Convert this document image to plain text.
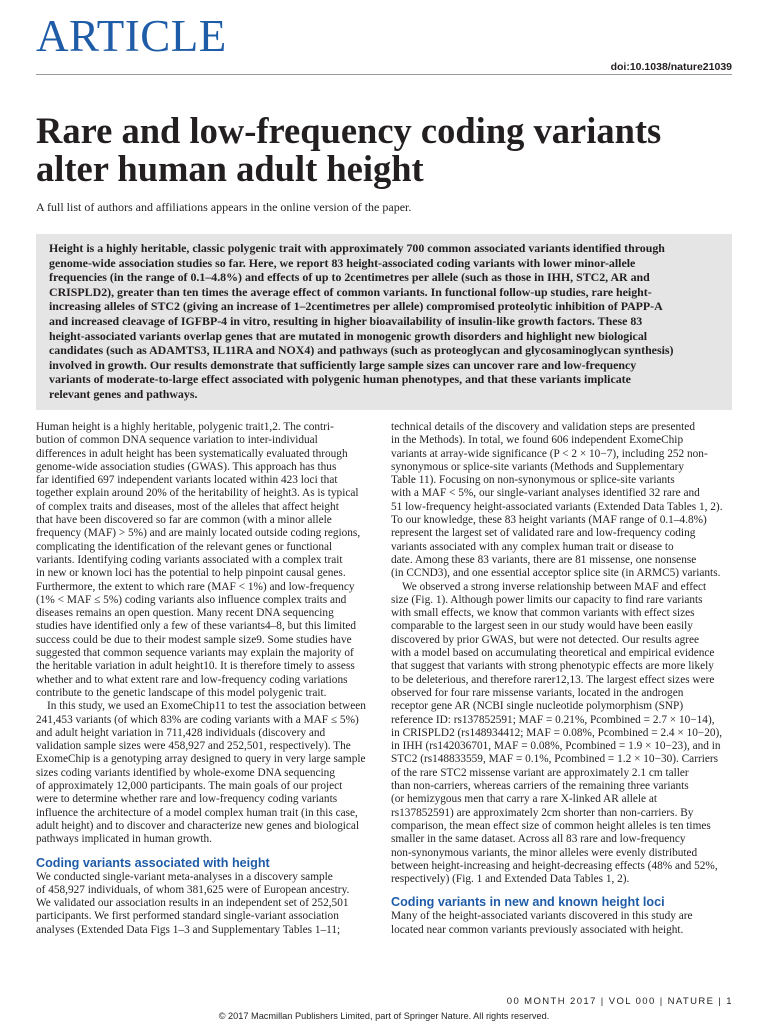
ARTICLE
doi:10.1038/nature21039
Rare and low-frequency coding variants
alter human adult height
A full list of authors and affiliations appears in the online version of the paper.

Height is a highly heritable, classic polygenic trait with approximately 700 common associated variants identified through
genome-wide association studies so far. Here, we report 83 height-associated coding variants with lower minor-allele
frequencies (in the range of 0.1–4.8%) and effects of up to 2centimetres per allele (such as those in IHH, STC2, AR and
CRISPLD2), greater than ten times the average effect of common variants. In functional follow-up studies, rare height-
increasing alleles of STC2 (giving an increase of 1–2centimetres per allele) compromised proteolytic inhibition of PAPP-A
and increased cleavage of IGFBP-4 in vitro, resulting in higher bioavailability of insulin-like growth factors. These 83
height-associated variants overlap genes that are mutated in monogenic growth disorders and highlight new biological
candidates (such as ADAMTS3, IL11RA and NOX4) and pathways (such as proteoglycan and glycosaminoglycan synthesis)
involved in growth. Our results demonstrate that sufficiently large sample sizes can uncover rare and low-frequency
variants of moderate-to-large effect associated with polygenic human phenotypes, and that these variants implicate
relevant genes and pathways.

Human height is a highly heritable, polygenic trait1,2. The contri-
bution of common DNA sequence variation to inter-individual
differences in adult height has been systematically evaluated through
genome-wide association studies (GWAS). This approach has thus
far identified 697 independent variants located within 423 loci that
together explain around 20% of the heritability of height3. As is typical
of complex traits and diseases, most of the alleles that affect height
that have been discovered so far are common (with a minor allele
frequency (MAF) > 5%) and are mainly located outside coding regions,
complicating the identification of the relevant genes or functional
variants. Identifying coding variants associated with a complex trait
in new or known loci has the potential to help pinpoint causal genes.
Furthermore, the extent to which rare (MAF < 1%) and low-frequency
(1% < MAF ≤ 5%) coding variants also influence complex traits and
diseases remains an open question. Many recent DNA sequencing
studies have identified only a few of these variants4–8, but this limited
success could be due to their modest sample size9. Some studies have
suggested that common sequence variants may explain the majority of
the heritable variation in adult height10. It is therefore timely to assess
whether and to what extent rare and low-frequency coding variations
contribute to the genetic landscape of this model polygenic trait.
In this study, we used an ExomeChip11 to test the association between
241,453 variants (of which 83% are coding variants with a MAF ≤ 5%)
and adult height variation in 711,428 individuals (discovery and
validation sample sizes were 458,927 and 252,501, respectively). The
ExomeChip is a genotyping array designed to query in very large sample
sizes coding variants identified by whole-exome DNA sequencing
of approximately 12,000 participants. The main goals of our project
were to determine whether rare and low-frequency coding variants
influence the architecture of a model complex human trait (in this case,
adult height) and to discover and characterize new genes and biological
pathways implicated in human growth.
Coding variants associated with height
We conducted single-variant meta-analyses in a discovery sample
of 458,927 individuals, of whom 381,625 were of European ancestry.
We validated our association results in an independent set of 252,501
participants. We first performed standard single-variant association
analyses (Extended Data Figs 1–3 and Supplementary Tables 1–11;
technical details of the discovery and validation steps are presented
in the Methods). In total, we found 606 independent ExomeChip
variants at array-wide significance (P < 2 × 10−7), including 252 non-
synonymous or splice-site variants (Methods and Supplementary
Table 11). Focusing on non-synonymous or splice-site variants
with a MAF < 5%, our single-variant analyses identified 32 rare and
51 low-frequency height-associated variants (Extended Data Tables 1, 2).
To our knowledge, these 83 height variants (MAF range of 0.1–4.8%)
represent the largest set of validated rare and low-frequency coding
variants associated with any complex human trait or disease to
date. Among these 83 variants, there are 81 missense, one nonsense
(in CCND3), and one essential acceptor splice site (in ARMC5) variants.
We observed a strong inverse relationship between MAF and effect
size (Fig. 1). Although power limits our capacity to find rare variants
with small effects, we know that common variants with effect sizes
comparable to the largest seen in our study would have been easily
discovered by prior GWAS, but were not detected. Our results agree
with a model based on accumulating theoretical and empirical evidence
that suggest that variants with strong phenotypic effects are more likely
to be deleterious, and therefore rarer12,13. The largest effect sizes were
observed for four rare missense variants, located in the androgen
receptor gene AR (NCBI single nucleotide polymorphism (SNP)
reference ID: rs137852591; MAF = 0.21%, Pcombined = 2.7 × 10−14),
in CRISPLD2 (rs148934412; MAF = 0.08%, Pcombined = 2.4 × 10−20),
in IHH (rs142036701, MAF = 0.08%, Pcombined = 1.9 × 10−23), and in
STC2 (rs148833559, MAF = 0.1%, Pcombined = 1.2 × 10−30). Carriers
of the rare STC2 missense variant are approximately 2.1 cm taller
than non-carriers, whereas carriers of the remaining three variants
(or hemizygous men that carry a rare X-linked AR allele at
rs137852591) are approximately 2cm shorter than non-carriers. By
comparison, the mean effect size of common height alleles is ten times
smaller in the same dataset. Across all 83 rare and low-frequency
non-synonymous variants, the minor alleles were evenly distributed
between height-increasing and height-decreasing effects (48% and 52%,
respectively) (Fig. 1 and Extended Data Tables 1, 2).
Coding variants in new and known height loci
Many of the height-associated variants discovered in this study are
located near common variants previously associated with height.
00 MONTH 2017 | VOL 000 | NATURE | 1
© 2017 Macmillan Publishers Limited, part of Springer Nature. All rights reserved.
